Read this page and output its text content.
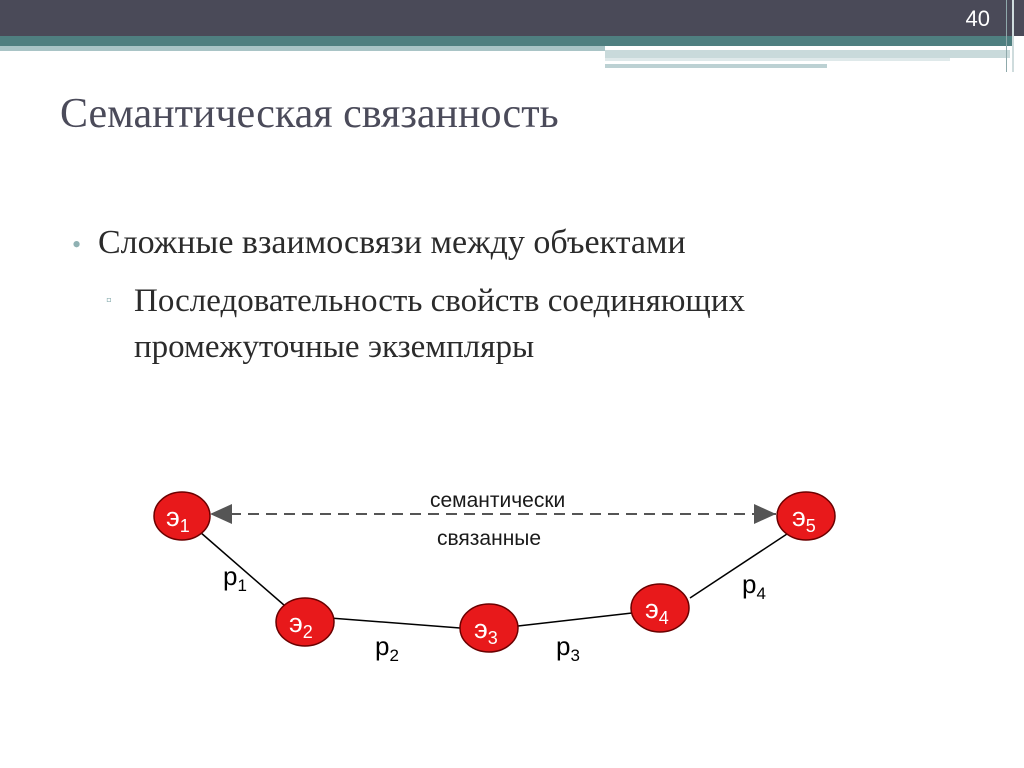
40
Семантическая связанность
• Сложные взаимосвязи между объектами
▫ Последовательность свойств соединяющих промежуточные экземпляры
семантически
связанные
$p_1$
$p_2$	$p_3$
$p_4$
$э_1$
$э_2$	$э_3$
$э_4$
$э_5$
